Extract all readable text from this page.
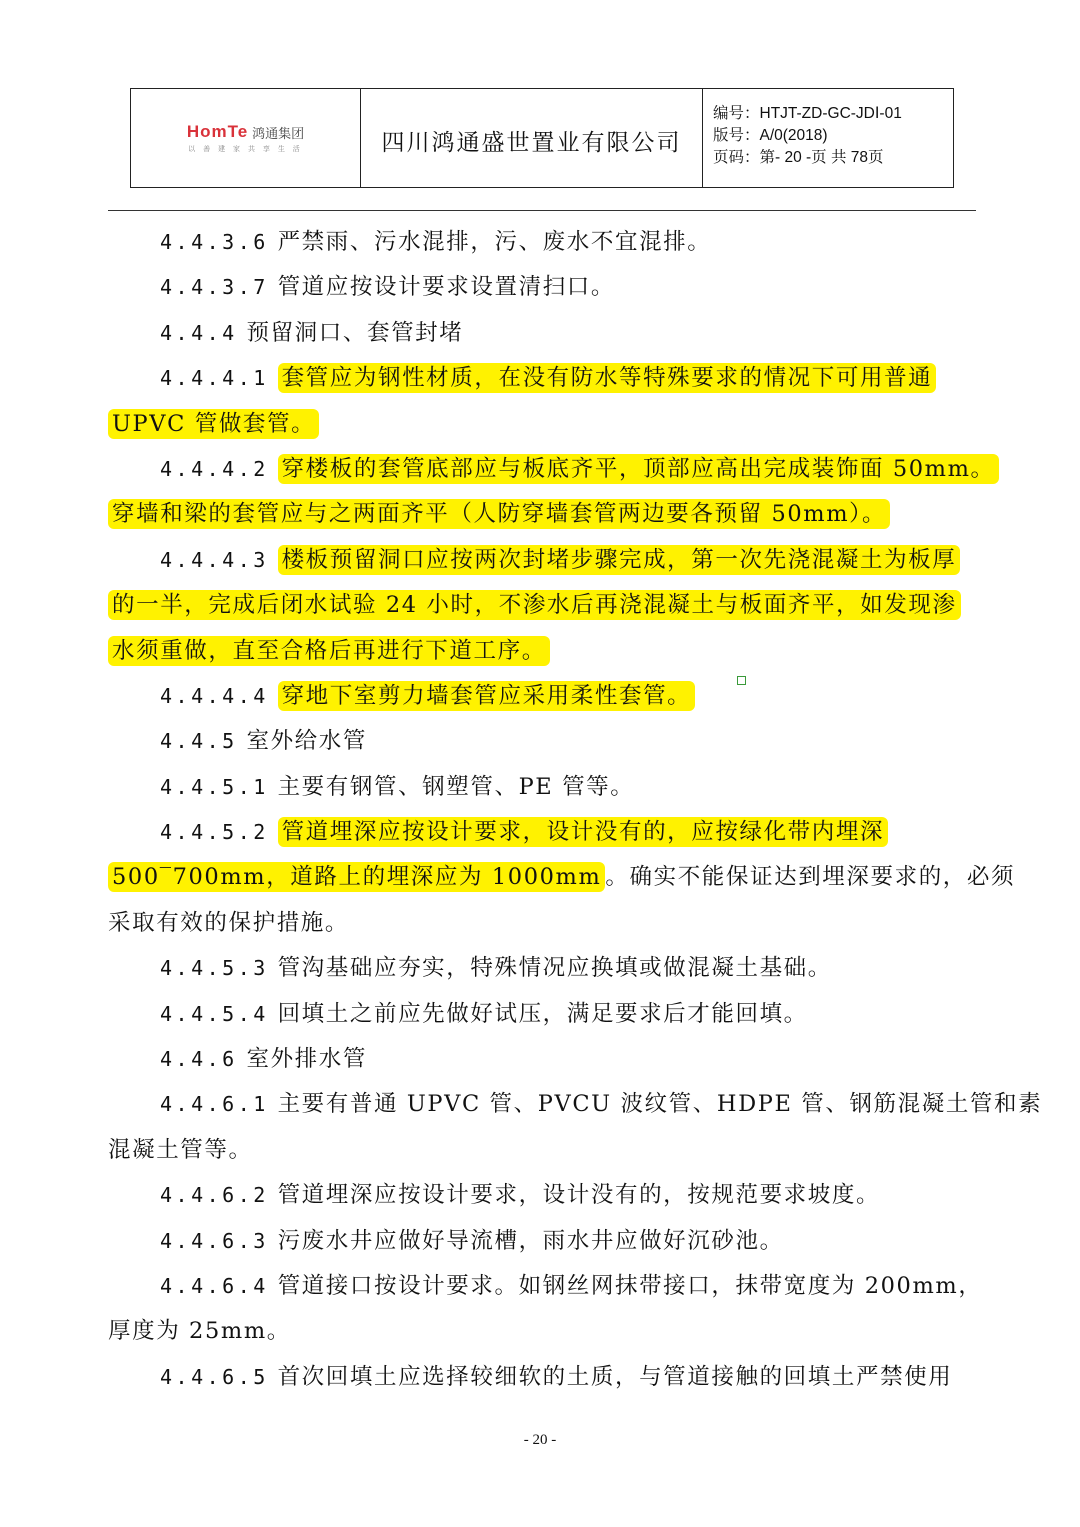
HomTe 鸿通集团
以 善 建 家 共 享 生 活	四川鸿通盛世置业有限公司
编号：HTJT-ZD-GC-JDⅠ-01
版号：A/0(2018)
页码：第- 20 -页 共 78页
4.4.3.6 严禁雨、污水混排，污、废水不宜混排。
4.4.3.7 管道应按设计要求设置清扫口。
4.4.4 预留洞口、套管封堵
4.4.4.1 套管应为钢性材质，在没有防水等特殊要求的情况下可用普通
UPVC 管做套管。
4.4.4.2 穿楼板的套管底部应与板底齐平，顶部应高出完成装饰面 50mm。
穿墙和梁的套管应与之两面齐平（人防穿墙套管两边要各预留 50mm）。
4.4.4.3 楼板预留洞口应按两次封堵步骤完成，第一次先浇混凝土为板厚
的一半，完成后闭水试验 24 小时，不渗水后再浇混凝土与板面齐平，如发现渗
水须重做，直至合格后再进行下道工序。
4.4.4.4 穿地下室剪力墙套管应采用柔性套管。
4.4.5 室外给水管
4.4.5.1 主要有钢管、钢塑管、PE 管等。
4.4.5.2 管道埋深应按设计要求，设计没有的，应按绿化带内埋深
500‾700mm，道路上的埋深应为 1000mm 。确实不能保证达到埋深要求的，必须
采取有效的保护措施。
4.4.5.3 管沟基础应夯实，特殊情况应换填或做混凝土基础。
4.4.5.4 回填土之前应先做好试压，满足要求后才能回填。
4.4.6 室外排水管
4.4.6.1 主要有普通 UPVC 管、PVCU 波纹管、HDPE 管、钢筋混凝土管和素
混凝土管等。
4.4.6.2 管道埋深应按设计要求，设计没有的，按规范要求坡度。
4.4.6.3 污废水井应做好导流槽，雨水井应做好沉砂池。
4.4.6.4 管道接口按设计要求。如钢丝网抹带接口，抹带宽度为 200mm，
厚度为 25mm。
4.4.6.5 首次回填土应选择较细软的土质，与管道接触的回填土严禁使用
- 20 -
